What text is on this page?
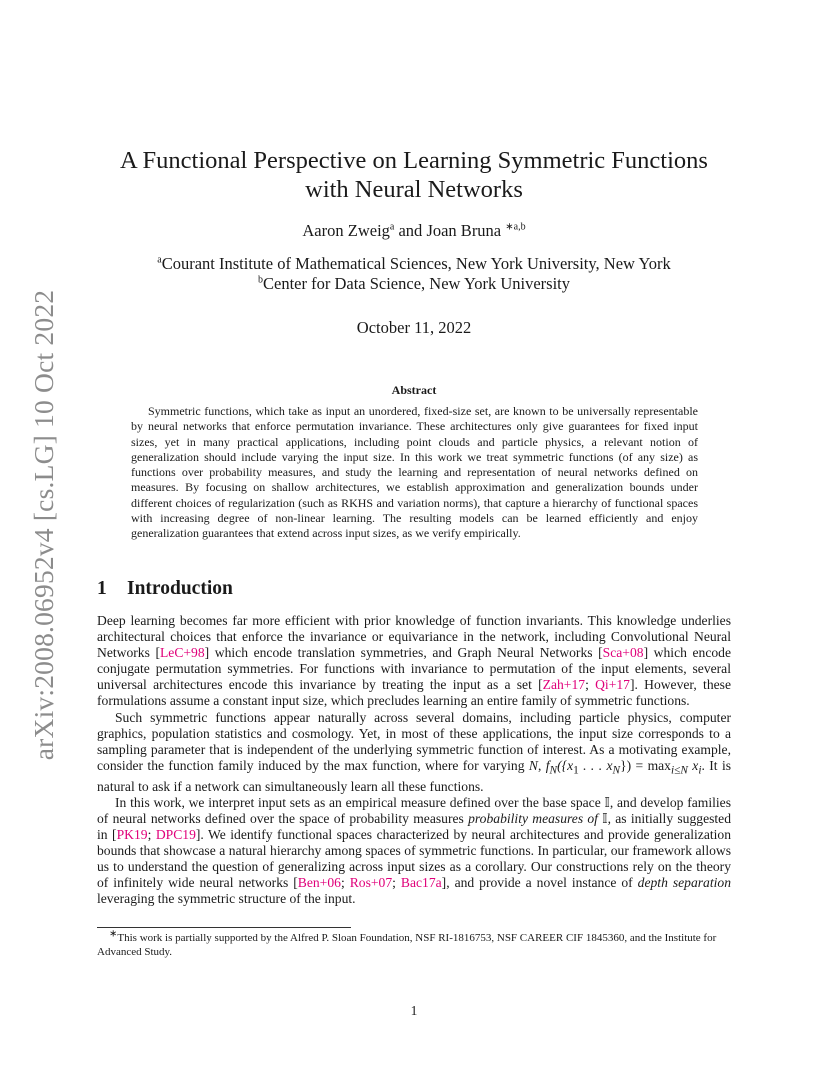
arXiv:2008.06952v4 [cs.LG] 10 Oct 2022
A Functional Perspective on Learning Symmetric Functions
with Neural Networks
Aaron Zweig$^a$ and Joan Bruna $^{∗a,b}$
$^a$Courant Institute of Mathematical Sciences, New York University, New York
$^b$Center for Data Science, New York University
October 11, 2022
Abstract
Symmetric functions, which take as input an unordered, fixed-size set, are known to be universally representable by neural networks that enforce permutation invariance. These architectures only give guarantees for fixed input sizes, yet in many practical applications, including point clouds and particle physics, a relevant notion of generalization should include varying the input size. In this work we treat symmetric functions (of any size) as functions over probability measures, and study the learning and representation of neural networks defined on measures. By focusing on shallow architectures, we establish approximation and generalization bounds under different choices of regularization (such as RKHS and variation norms), that capture a hierarchy of functional spaces with increasing degree of non-linear learning. The resulting models can be learned efficiently and enjoy generalization guarantees that extend across input sizes, as we verify empirically.
1 Introduction

Deep learning becomes far more efficient with prior knowledge of function invariants. This knowledge underlies architectural choices that enforce the invariance or equivariance in the network, including Convolutional Neural Networks [LeC+98] which encode translation symmetries, and Graph Neural Networks [Sca+08] which encode conjugate permutation symmetries. For functions with invariance to permutation of the input elements, several universal architectures encode this invariance by treating the input as a set [Zah+17; Qi+17]. However, these formulations assume a constant input size, which precludes learning an entire family of symmetric functions.

Such symmetric functions appear naturally across several domains, including particle physics, computer graphics, population statistics and cosmology. Yet, in most of these applications, the input size corresponds to a sampling parameter that is independent of the underlying symmetric function of interest. As a motivating example, consider the function family induced by the max function, where for varying N, $f_N(\{x_1$ . . . $x_N\}) = \max_{i\le N} x_i$. It is natural to ask if a network can simultaneously learn all these functions.

In this work, we interpret input sets as an empirical measure defined over the base space 𝕀, and develop families of neural networks defined over the space of probability measures probability measures of 𝕀, as initially suggested in [PK19; DPC19]. We identify functional spaces characterized by neural architectures and provide generalization bounds that showcase a natural hierarchy among spaces of symmetric functions. In particular, our framework allows us to understand the question of generalizing across input sizes as a corollary. Our constructions rely on the theory of infinitely wide neural networks [Ben+06; Ros+07; Bac17a], and provide a novel instance of depth separation leveraging the symmetric structure of the input.

∗This work is partially supported by the Alfred P. Sloan Foundation, NSF RI-1816753, NSF CAREER CIF 1845360, and the Institute for Advanced Study.
1
